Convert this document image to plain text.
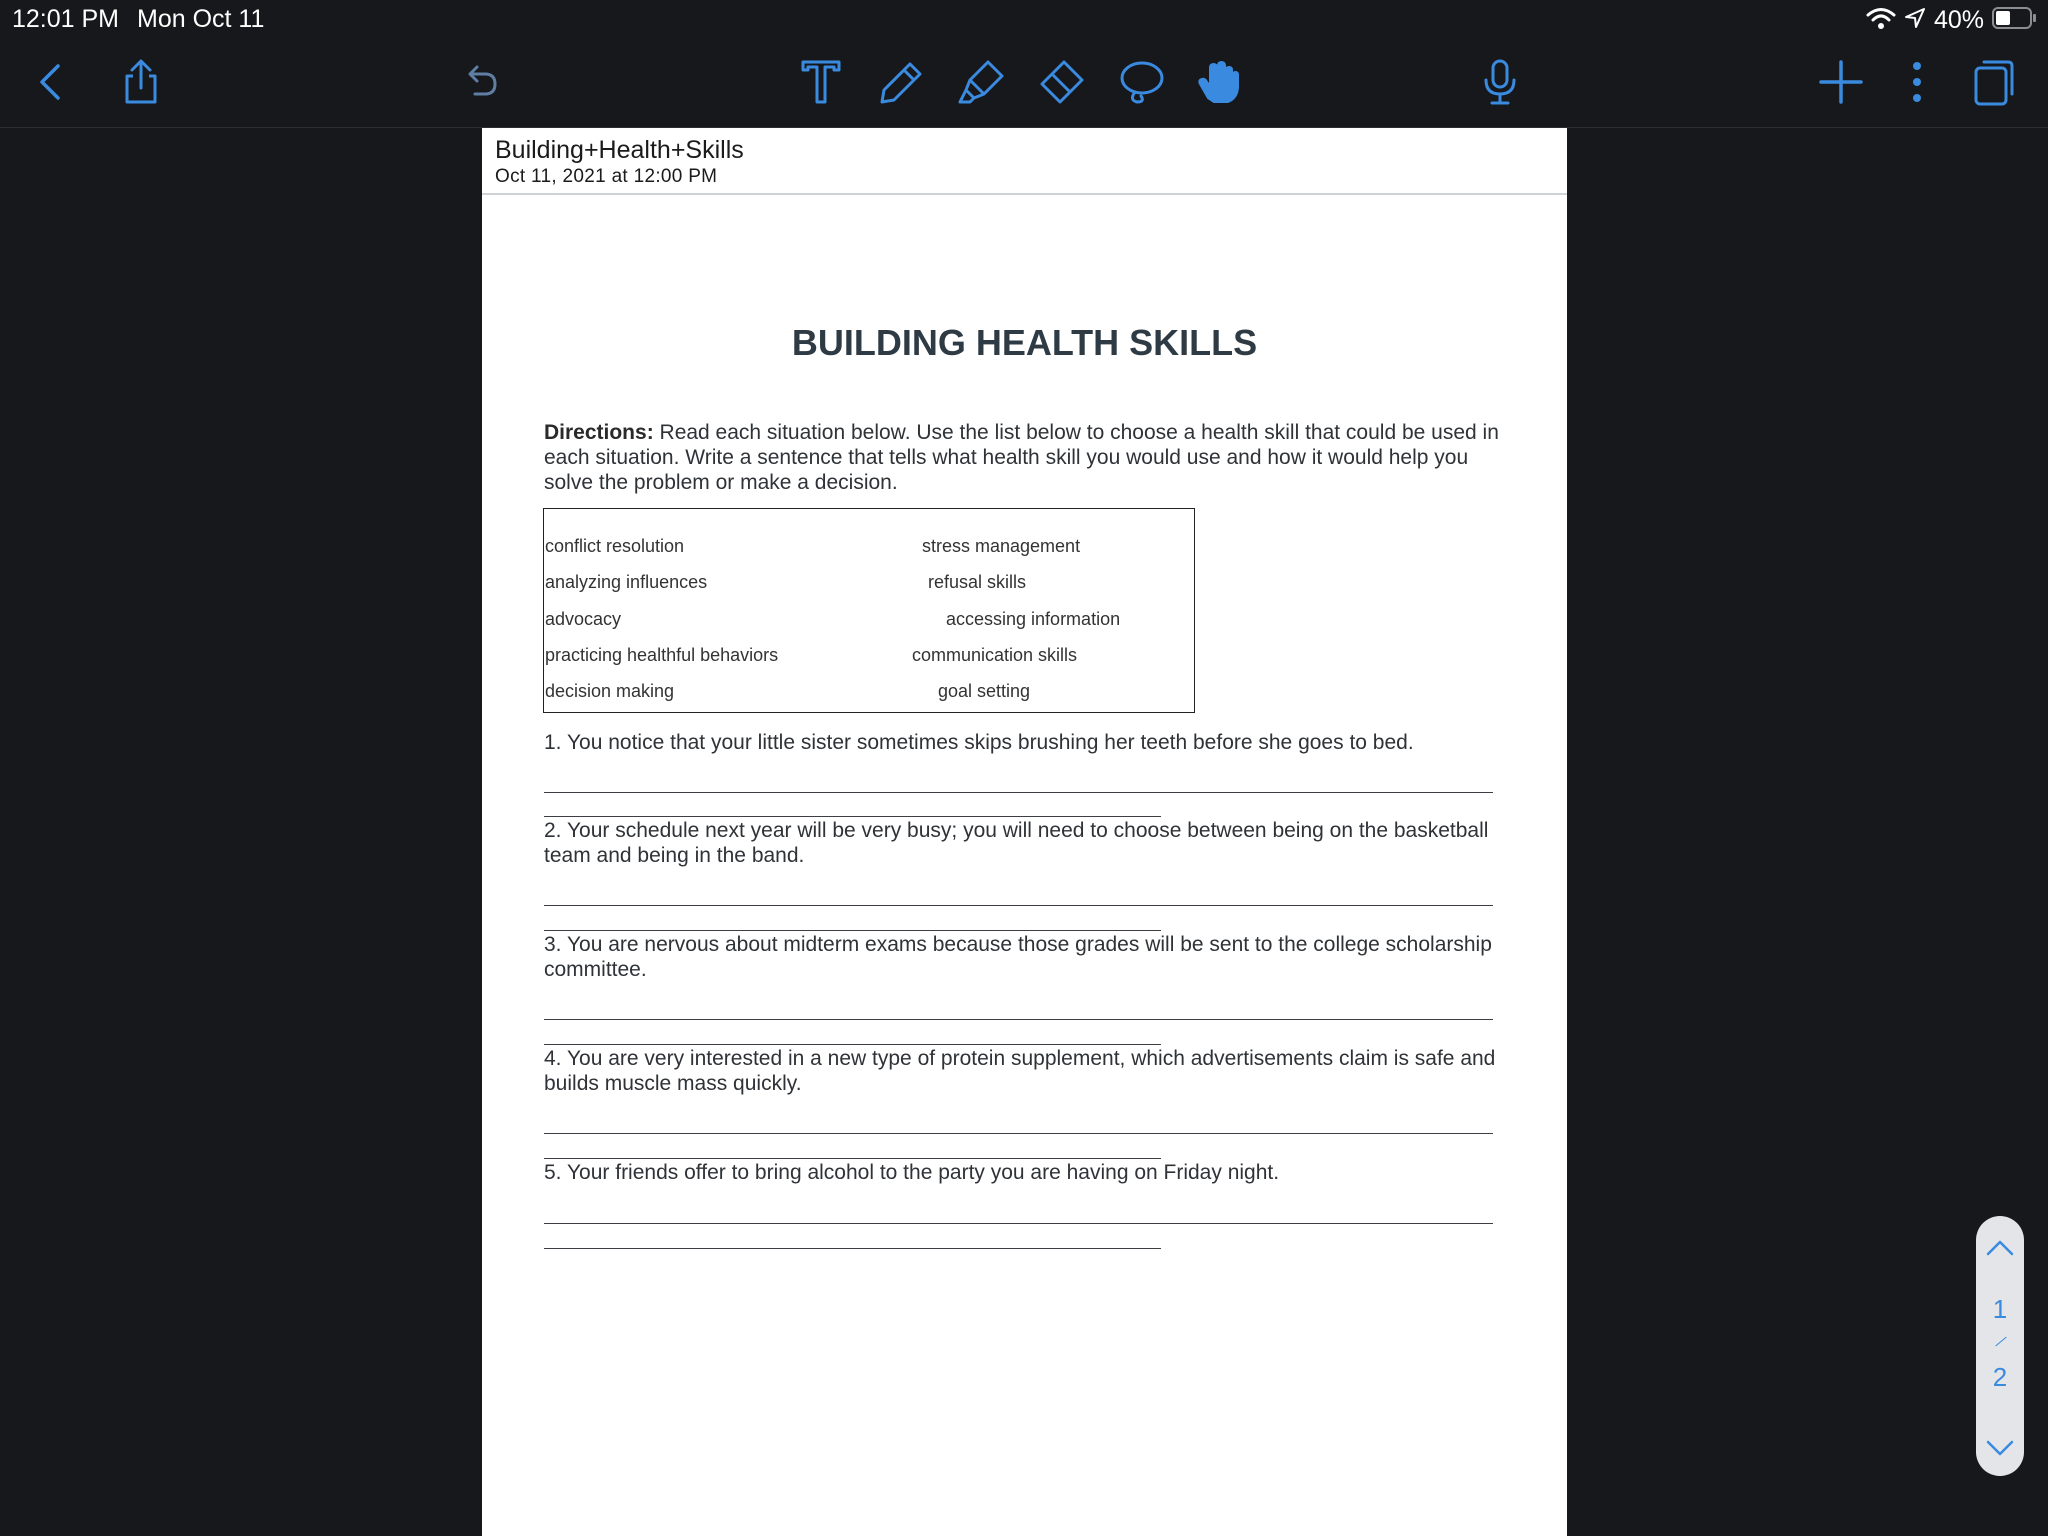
12:01 PM Mon Oct 11	40%
Building+Health+Skills
Oct 11, 2021 at 12:00 PM
BUILDING HEALTH SKILLS
Directions: Read each situation below. Use the list below to choose a health skill that could be used in each situation. Write a sentence that tells what health skill you would use and how it would help you solve the problem or make a decision.
conflict resolution
analyzing influences
advocacy
practicing healthful behaviors
decision making
stress management
refusal skills
accessing information
communication skills
goal setting
1. You notice that your little sister sometimes skips brushing her teeth before she goes to bed.
2. Your schedule next year will be very busy; you will need to choose between being on the basketball team and being in the band.
3. You are nervous about midterm exams because those grades will be sent to the college scholarship committee.
4. You are very interested in a new type of protein supplement, which advertisements claim is safe and builds muscle mass quickly.
5. Your friends offer to bring alcohol to the party you are having on Friday night.
1
2
